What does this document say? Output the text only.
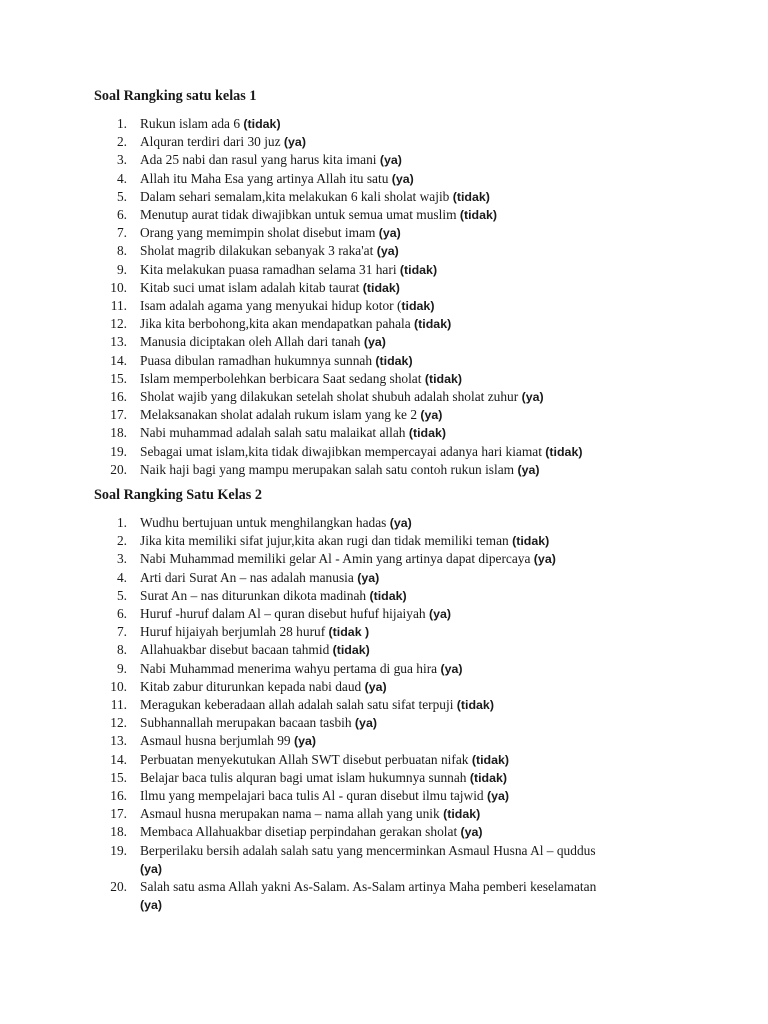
Soal Rangking satu kelas 1
1. Rukun islam ada 6 (tidak)
2. Alquran terdiri dari 30 juz (ya)
3. Ada 25 nabi dan rasul yang harus kita imani (ya)
4. Allah itu Maha Esa yang artinya Allah itu satu (ya)
5. Dalam sehari semalam,kita melakukan 6 kali sholat wajib (tidak)
6. Menutup aurat tidak diwajibkan untuk semua umat muslim (tidak)
7. Orang yang memimpin sholat disebut imam (ya)
8. Sholat magrib dilakukan sebanyak 3 raka'at (ya)
9. Kita melakukan puasa ramadhan selama 31 hari (tidak)
10. Kitab suci umat islam adalah kitab taurat (tidak)
11. Isam adalah agama yang menyukai hidup kotor (tidak)
12. Jika kita berbohong,kita akan mendapatkan pahala (tidak)
13. Manusia diciptakan oleh Allah dari tanah (ya)
14. Puasa dibulan ramadhan hukumnya sunnah (tidak)
15. Islam memperbolehkan berbicara Saat sedang sholat (tidak)
16. Sholat wajib yang dilakukan setelah sholat shubuh adalah sholat zuhur (ya)
17. Melaksanakan sholat adalah rukum islam yang ke 2 (ya)
18. Nabi muhammad adalah salah satu malaikat allah (tidak)
19. Sebagai umat islam,kita tidak diwajibkan mempercayai adanya hari kiamat (tidak)
20. Naik haji bagi yang mampu merupakan salah satu contoh rukun islam (ya)
Soal Rangking Satu Kelas 2
1. Wudhu bertujuan untuk menghilangkan hadas (ya)
2. Jika kita memiliki sifat jujur,kita akan rugi dan tidak memiliki teman (tidak)
3. Nabi Muhammad memiliki gelar Al - Amin yang artinya dapat dipercaya (ya)
4. Arti dari Surat An – nas adalah manusia (ya)
5. Surat An – nas diturunkan dikota madinah (tidak)
6. Huruf -huruf dalam Al – quran disebut hufuf hijaiyah (ya)
7. Huruf hijaiyah berjumlah 28 huruf (tidak )
8. Allahuakbar disebut bacaan tahmid (tidak)
9. Nabi Muhammad menerima wahyu pertama di gua hira (ya)
10. Kitab zabur diturunkan kepada nabi daud (ya)
11. Meragukan keberadaan allah adalah salah satu sifat terpuji (tidak)
12. Subhannallah merupakan bacaan tasbih (ya)
13. Asmaul husna berjumlah 99 (ya)
14. Perbuatan menyekutukan Allah SWT disebut perbuatan nifak (tidak)
15. Belajar baca tulis alquran bagi umat islam hukumnya sunnah (tidak)
16. Ilmu yang mempelajari baca tulis Al - quran disebut ilmu tajwid (ya)
17. Asmaul husna merupakan nama – nama allah yang unik (tidak)
18. Membaca Allahuakbar disetiap perpindahan gerakan sholat (ya)
19. Berperilaku bersih adalah salah satu yang mencerminkan Asmaul Husna Al – quddus
(ya)
20. Salah satu asma Allah yakni As-Salam. As-Salam artinya Maha pemberi keselamatan
(ya)
